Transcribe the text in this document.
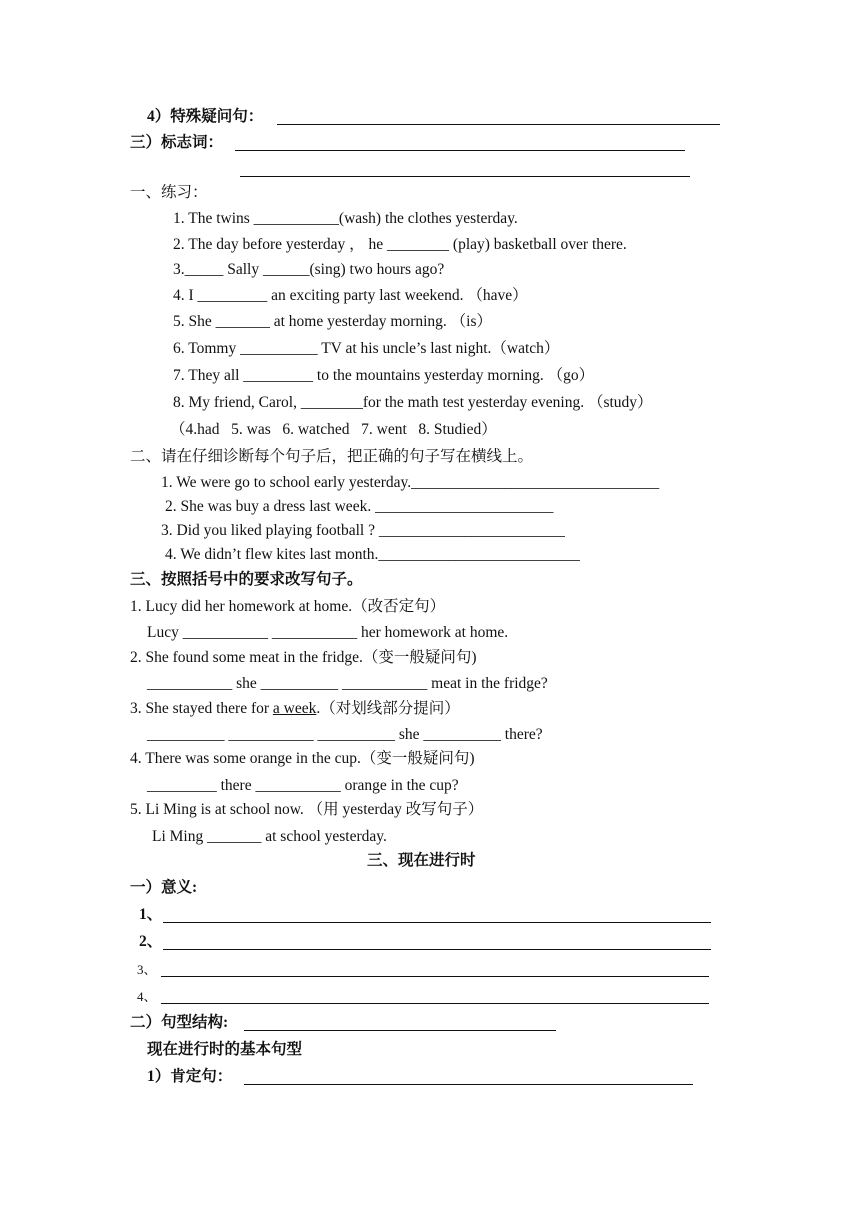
4）特殊疑问句：
三）标志词：
一、练习：
1. The twins ___________(wash) the clothes yesterday.
2. The day before yesterday ， he ________ (play) basketball over there.
3._____ Sally ______(sing) two hours ago?
4. I _________ an exciting party last weekend. （have）
5. She _______ at home yesterday morning. （is）
6. Tommy __________ TV at his uncle’s last night.（watch）
7. They all _________ to the mountains yesterday morning. （go）
8. My friend, Carol, ________for the math test yesterday evening. （study）
（4.had   5. was   6. watched   7. went   8. Studied）
二、请在仔细诊断每个句子后，把正确的句子写在横线上。
1. We were go to school early yesterday.________________________________
2. She was buy a dress last week. _______________________
3. Did you liked playing football ? ________________________
4. We didn’t flew kites last month.__________________________
三、按照括号中的要求改写句子。
1. Lucy did her homework at home.（改否定句）
Lucy ___________ ___________ her homework at home.
2. She found some meat in the fridge.（变一般疑问句)
___________ she __________ ___________ meat in the fridge?
3. She stayed there for a week.（对划线部分提问）
__________ ___________ __________ she __________ there?
4. There was some orange in the cup.（变一般疑问句)
_________ there ___________ orange in the cup?
5. Li Ming is at school now. （用 yesterday 改写句子）
Li Ming _______ at school yesterday.
三、现在进行时
一）意义:
1、
2、
3、
4、
二）句型结构:
现在进行时的基本句型
1）肯定句：
